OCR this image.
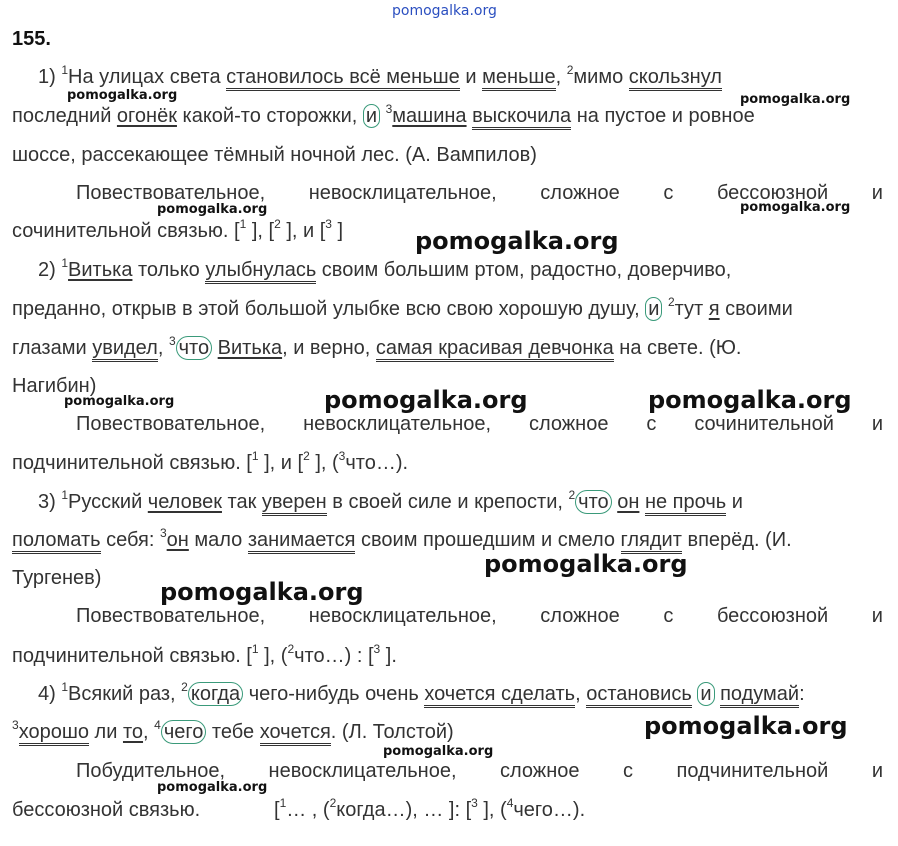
pomogalka.org
pomogalka.org	pomogalka.org
pomogalka.org	pomogalka.org
pomogalka.org
pomogalka.org	pomogalka.org	pomogalka.org
pomogalka.org
pomogalka.org
pomogalka.org
pomogalka.org
pomogalka.org
155.
1) $^1$На улицах света становилось всё меньше и меньше, $^2$мимо скользнул
последний огонёк какой-то сторожки, и $^3$машина выскочила на пустое и ровное
шоссе, рассекающее тёмный ночной лес. (А. Вампилов)
Повествовательное, невосклицательное, сложное с бессоюзной и
сочинительной связью. [$^1$ ], [$^2$ ], и [$^3$ ]
2) $^1$Витька только улыбнулась своим большим ртом, радостно, доверчиво,
преданно, открыв в этой большой улыбке всю свою хорошую душу, и $^2$тут я своими
глазами увидел, $^3$ что Витька, и верно, самая красивая девчонка на свете. (Ю.
Нагибин)
Повествовательное, невосклицательное, сложное с сочинительной и
подчинительной связью. [$^1$ ], и [$^2$ ], ($^3$что…).
3) $^1$Русский человек так уверен в своей силе и крепости, $^2$ что он не прочь и
поломать себя: $^3$он мало занимается своим прошедшим и смело глядит вперёд. (И.
Тургенев)
Повествовательное, невосклицательное, сложное с бессоюзной и
подчинительной связью. [$^1$ ], ($^2$что…) : [$^3$ ].
4) $^1$Всякий раз, $^2$ когда чего-нибудь очень хочется сделать, остановись и подумай:
$^3$хорошо ли то, $^4$ чего тебе хочется. (Л. Толстой)
Побудительное, невосклицательное, сложное с подчинительной и
бессоюзной связью.	[$^1$… , ($^2$когда…), … ]: [$^3$ ], ($^4$чего…).
